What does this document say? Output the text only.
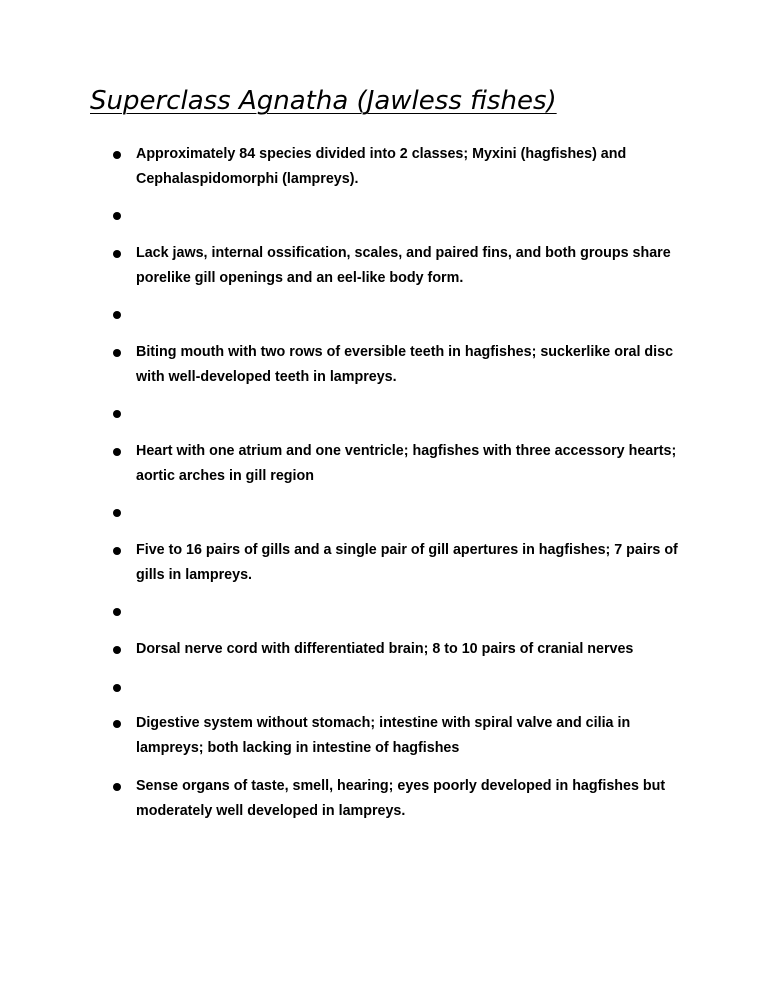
Superclass Agnatha (Jawless fishes)

Approximately 84 species divided into 2 classes; Myxini (hagfishes) and Cephalaspidomorphi (lampreys).

Lack jaws, internal ossification, scales, and paired fins, and both groups share porelike gill openings and an eel-like body form.

Biting mouth with two rows of eversible teeth in hagfishes; suckerlike oral disc with well-developed teeth in lampreys.

Heart with one atrium and one ventricle; hagfishes with three accessory hearts; aortic arches in gill region

Five to 16 pairs of gills and a single pair of gill apertures in hagfishes; 7 pairs of gills in lampreys.

Dorsal nerve cord with differentiated brain; 8 to 10 pairs of cranial nerves

Digestive system without stomach; intestine with spiral valve and cilia in lampreys; both lacking in intestine of hagfishes

Sense organs of taste, smell, hearing; eyes poorly developed in hagfishes but moderately well developed in lampreys.
